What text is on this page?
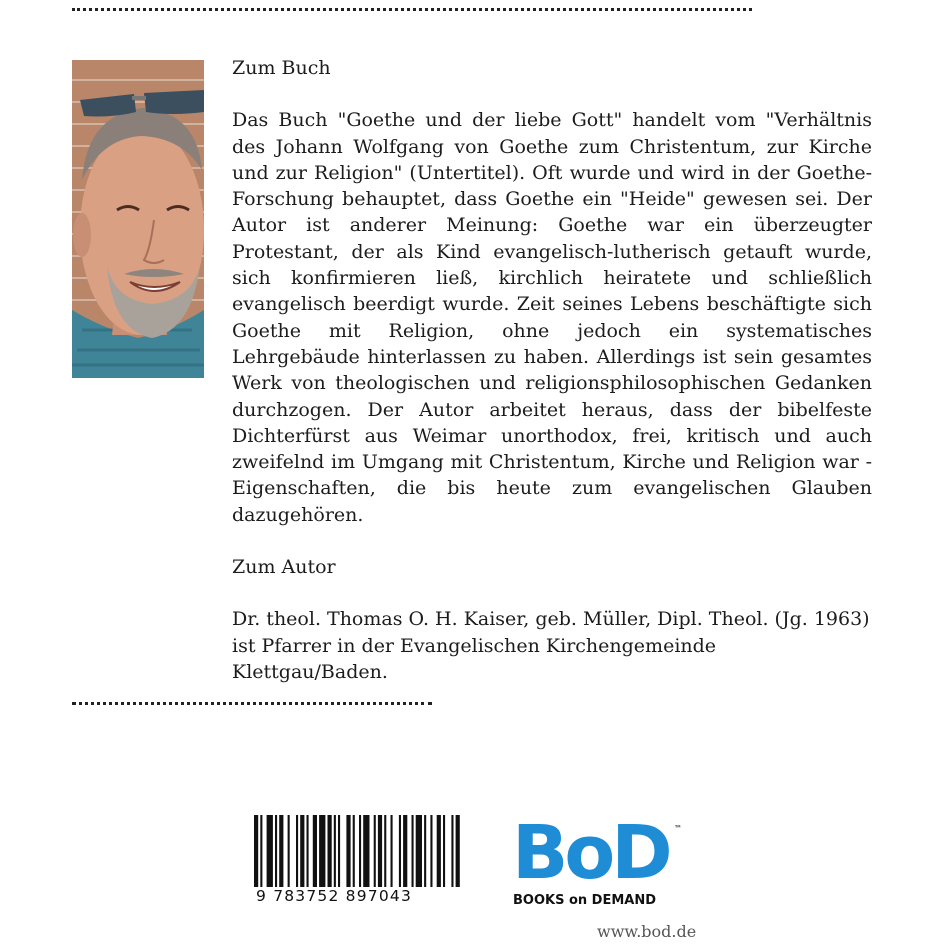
Zum Buch

Das Buch "Goethe und der liebe Gott" handelt vom "Verhältnis des Johann Wolfgang von Goethe zum Christentum, zur Kirche und zur Religion" (Untertitel). Oft wurde und wird in der Goethe-Forschung behauptet, dass Goethe ein "Heide" gewesen sei. Der Autor ist anderer Meinung: Goethe war ein überzeugter Protestant, der als Kind evangelisch-lutherisch getauft wurde, sich konfirmieren ließ, kirchlich heiratete und schließlich evangelisch beerdigt wurde. Zeit seines Lebens beschäftigte sich Goethe mit Religion, ohne jedoch ein systematisches Lehrgebäude hinterlassen zu haben. Allerdings ist sein gesamtes Werk von theologischen und religionsphilosophischen Gedanken durchzogen. Der Autor arbeitet heraus, dass der bibelfeste Dichterfürst aus Weimar unorthodox, frei, kritisch und auch zweifelnd im Umgang mit Christentum, Kirche und Religion war - Eigenschaften, die bis heute zum evangelischen Glauben dazugehören.

Zum Autor

Dr. theol. Thomas O. H. Kaiser, geb. Müller, Dipl. Theol. (Jg. 1963)

ist Pfarrer in der Evangelischen Kirchengemeinde Klettgau/Baden.

9 783752 897043	BoD ™
BOOKS on DEMAND
www.bod.de
